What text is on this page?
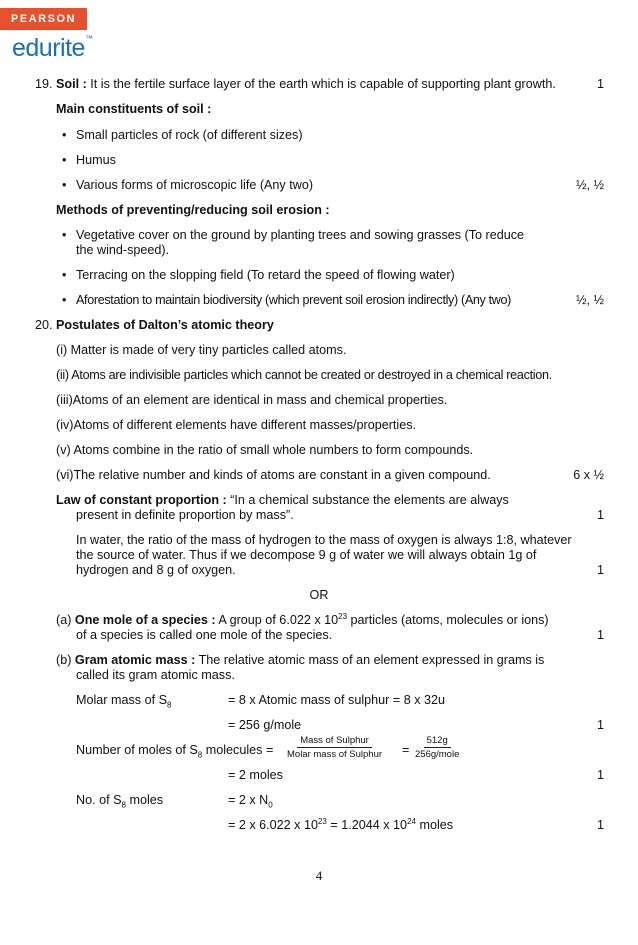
PEARSON
edurite™
19. Soil : It is the fertile surface layer of the earth which is capable of supporting plant growth.	1
Main constituents of soil :
• Small particles of rock (of different sizes)
• Humus
• Various forms of microscopic life (Any two)	½, ½
Methods of preventing/reducing soil erosion :
• Vegetative cover on the ground by planting trees and sowing grasses (To reduce
the wind-speed).
• Terracing on the slopping field (To retard the speed of flowing water)
• Aforestation to maintain biodiversity (which prevent soil erosion indirectly) (Any two)	½, ½
20. Postulates of Dalton’s atomic theory
(i) Matter is made of very tiny particles called atoms.
(ii) Atoms are indivisible particles which cannot be created or destroyed in a chemical reaction.
(iii)Atoms of an element are identical in mass and chemical properties.
(iv)Atoms of different elements have different masses/properties.
(v) Atoms combine in the ratio of small whole numbers to form compounds.
(vi)The relative number and kinds of atoms are constant in a given compound.	6 x ½
Law of constant proportion : “In a chemical substance the elements are always
present in definite proportion by mass”.	1
In water, the ratio of the mass of hydrogen to the mass of oxygen is always 1:8, whatever
the source of water. Thus if we decompose 9 g of water we will always obtain 1g of
hydrogen and 8 g of oxygen.	1
OR
(a) One mole of a species : A group of 6.022 x $10^{23}$ particles (atoms, molecules or ions)
of a species is called one mole of the species.	1
(b) Gram atomic mass : The relative atomic mass of an element expressed in grams is
called its gram atomic mass.
Molar mass of $S_8$	= 8 x Atomic mass of sulphur = 8 x 32u
= 256 g/mole	1
Number of moles of $S_8$ molecules =
Mass of Sulphur
Molar mass of Sulphur =
512g
256g/mole
= 2 moles	1
No. of $S_8$ moles	= 2 x $N_0$
= 2 x 6.022 x $10^{23} = 1.2044$ x $10^{24}$ moles	1
4
